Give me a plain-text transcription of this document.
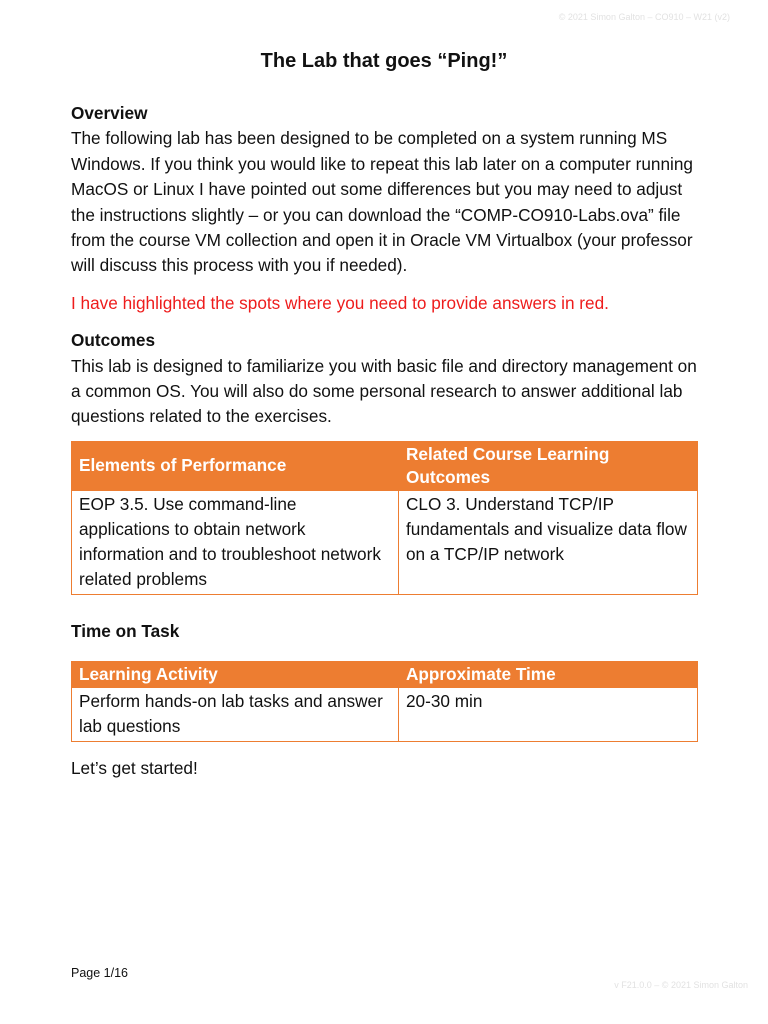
© 2021 Simon Galton – CO910 – W21 (v2)
The Lab that goes “Ping!”

Overview

The following lab has been designed to be completed on a system running MS Windows. If you think you would like to repeat this lab later on a computer running MacOS or Linux I have pointed out some differences but you may need to adjust the instructions slightly – or you can download the “COMP-CO910-Labs.ova” file from the course VM collection and open it in Oracle VM Virtualbox (your professor will discuss this process with you if needed).

I have highlighted the spots where you need to provide answers in red.

Outcomes

This lab is designed to familiarize you with basic file and directory management on a common OS. You will also do some personal research to answer additional lab questions related to the exercises.

Elements of Performance	Related Course Learning Outcomes
EOP 3.5. Use command-line applications to obtain network information and to troubleshoot network related problems	CLO 3. Understand TCP/IP fundamentals and visualize data flow on a TCP/IP network

Time on Task

Learning Activity	Approximate Time
Perform hands-on lab tasks and answer lab questions	20-30 min

Let’s get started!

Page 1/16
v F21.0.0 – © 2021 Simon Galton
